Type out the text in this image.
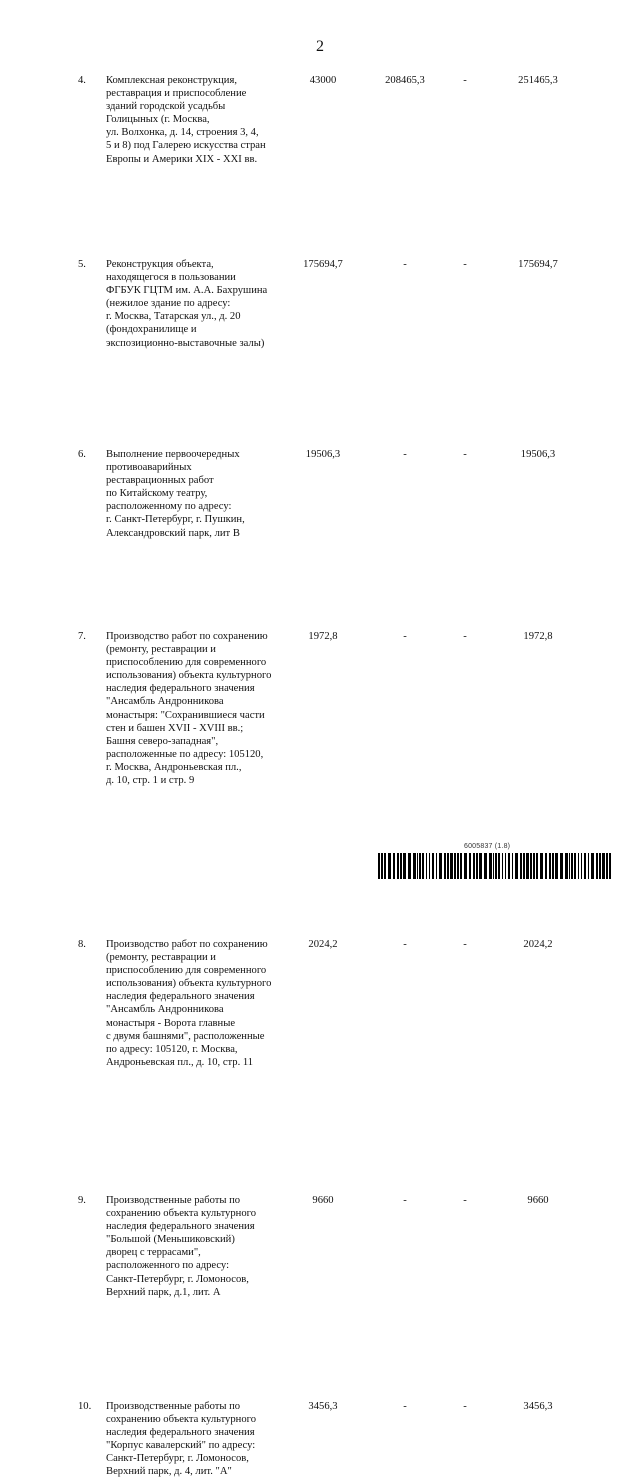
2
4.	Комплексная реконструкция,
реставрация и приспособление
зданий городской усадьбы
Голицыных (г. Москва,
ул. Волхонка, д. 14, строения 3, 4,
5 и 8) под Галерею искусства стран
Европы и Америки XIX - XXI вв.
43000	208465,3	-	251465,3
5.	Реконструкция объекта,
находящегося в пользовании
ФГБУК ГЦТМ им. А.А. Бахрушина
(нежилое здание по адресу:
г. Москва, Татарская ул., д. 20
(фондохранилище и
экспозиционно-выставочные залы)
175694,7	-	-	175694,7
6.	Выполнение первоочередных
противоаварийных
реставрационных работ
по Китайскому театру,
расположенному по адресу:
г. Санкт-Петербург, г. Пушкин,
Александровский парк, лит В
19506,3	-	-	19506,3
7.	Производство работ по сохранению
(ремонту, реставрации и
приспособлению для современного
использования) объекта культурного
наследия федерального значения
"Ансамбль Андронникова
монастыря: "Сохранившиеся части
стен и башен XVII - XVIII вв.;
Башня северо-западная",
расположенные по адресу: 105120,
г. Москва, Андроньевская пл.,
д. 10, стр. 1 и стр. 9
1972,8	-	-	1972,8
8.	Производство работ по сохранению
(ремонту, реставрации и
приспособлению для современного
использования) объекта культурного
наследия федерального значения
"Ансамбль Андронникова
монастыря - Ворота главные
с двумя башнями", расположенные
по адресу: 105120, г. Москва,
Андроньевская пл., д. 10, стр. 11
2024,2	-	-	2024,2
9.	Производственные работы по
сохранению объекта культурного
наследия федерального значения
"Большой (Меньшиковский)
дворец с террасами",
расположенного по адресу:
Санкт-Петербург, г. Ломоносов,
Верхний парк, д.1, лит. А
9660	-	-	9660
10.	Производственные работы по
сохранению объекта культурного
наследия федерального значения
"Корпус кавалерский" по адресу:
Санкт-Петербург, г. Ломоносов,
Верхний парк, д. 4, лит. "А"
3456,3	-	-	3456,3
6005837 (1.8)
